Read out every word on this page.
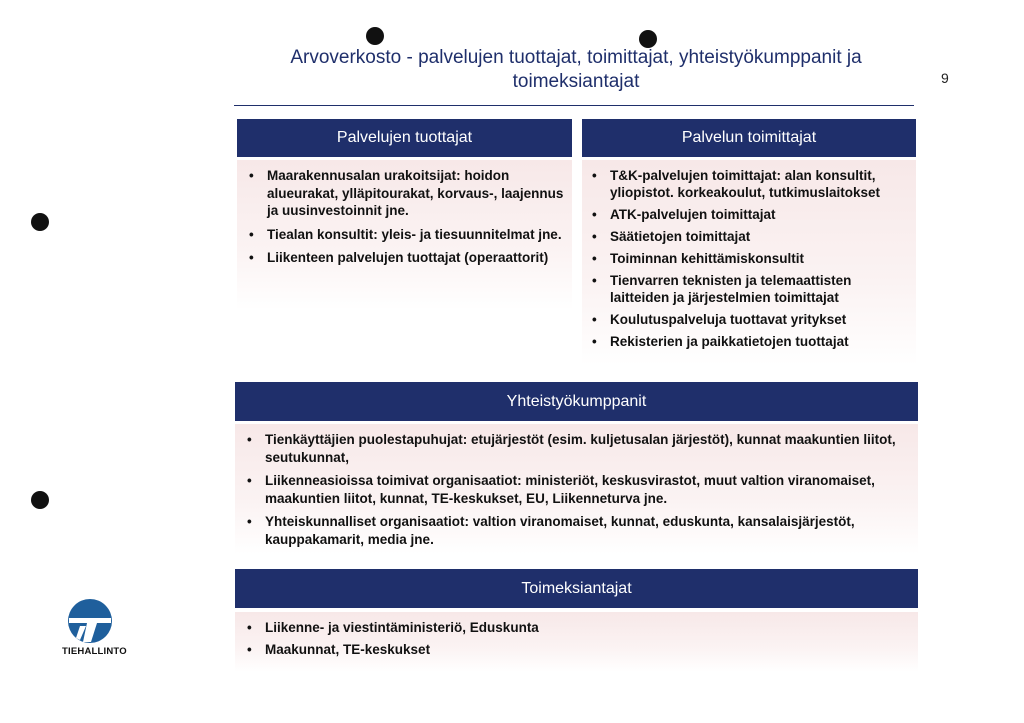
Arvoverkosto - palvelujen tuottajat, toimittajat, yhteistyökumppanit ja toimeksiantajat	9
Palvelujen tuottajat
• Maarakennusalan urakoitsijat: hoidon alueurakat, ylläpitourakat, korvaus-, laajennus ja uusinvestoinnit jne.
• Tiealan konsultit: yleis- ja tiesuunnitelmat jne.
• Liikenteen palvelujen tuottajat (operaattorit)
Palvelun toimittajat
• T&K-palvelujen toimittajat: alan konsultit, yliopistot. korkeakoulut, tutkimuslaitokset
• ATK-palvelujen toimittajat
• Säätietojen toimittajat
• Toiminnan kehittämiskonsultit
• Tienvarren teknisten ja telemaattisten laitteiden ja järjestelmien toimittajat
• Koulutuspalveluja tuottavat yritykset
• Rekisterien ja paikkatietojen tuottajat
Yhteistyökumppanit
• Tienkäyttäjien puolestapuhujat: etujärjestöt (esim. kuljetusalan järjestöt), kunnat maakuntien liitot, seutukunnat,
• Liikenneasioissa toimivat organisaatiot: ministeriöt, keskusvirastot, muut valtion viranomaiset, maakuntien liitot, kunnat, TE-keskukset, EU, Liikenneturva jne.
• Yhteiskunnalliset organisaatiot: valtion viranomaiset, kunnat, eduskunta, kansalaisjärjestöt, kauppakamarit, media jne.
Toimeksiantajat
• Liikenne- ja viestintäministeriö, Eduskunta
• Maakunnat, TE-keskukset
TIEHALLINTO
